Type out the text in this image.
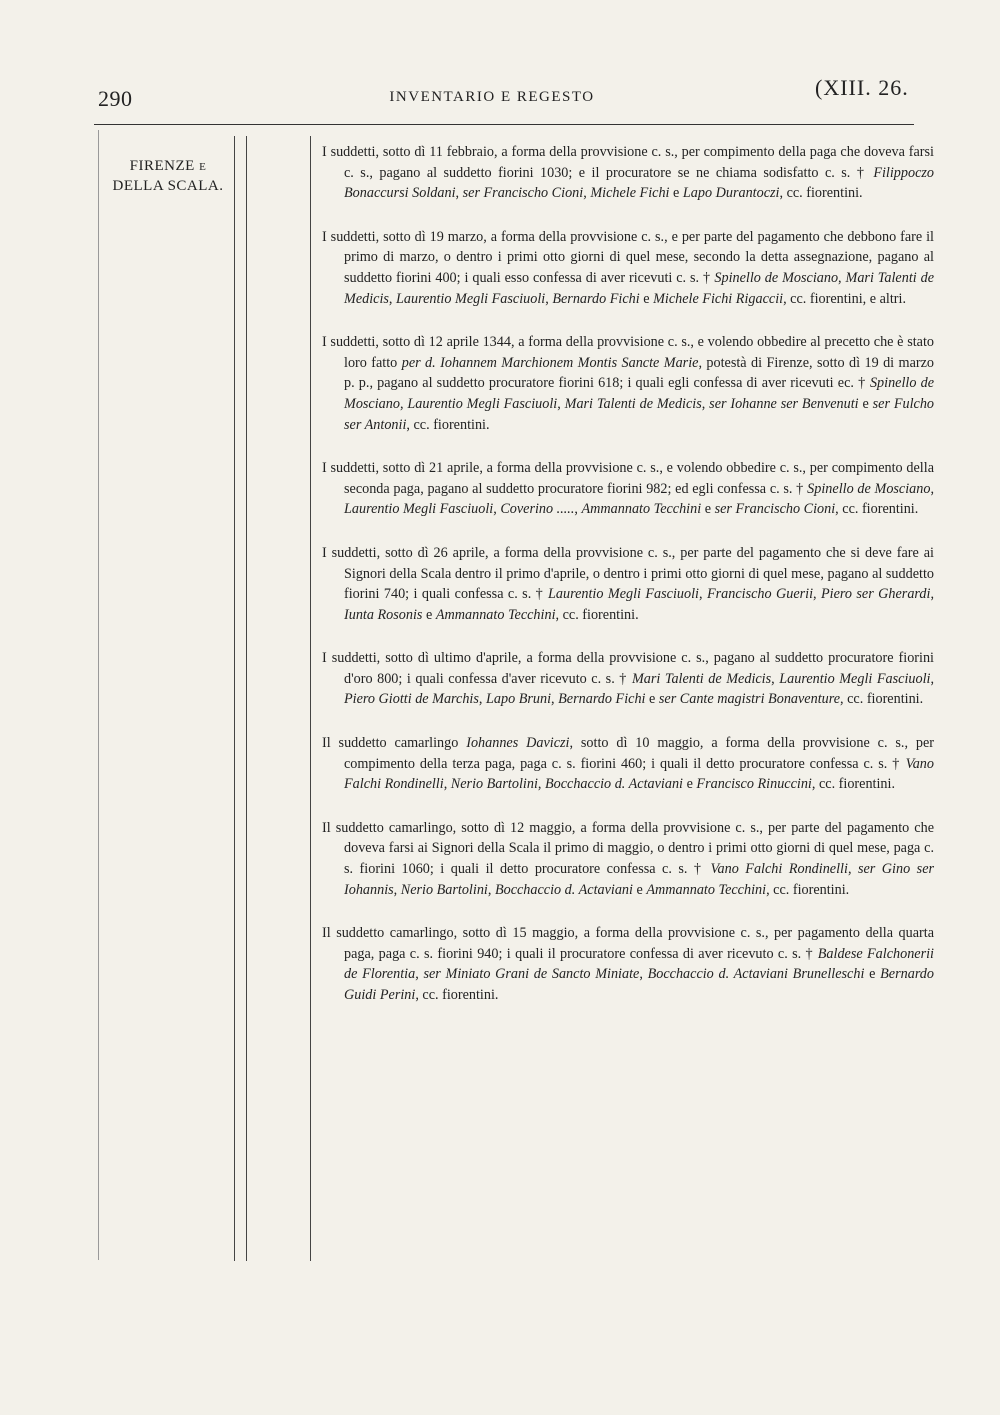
290	INVENTARIO E REGESTO	(XIII. 26.
FIRENZE E
DELLA SCALA.

I suddetti, sotto dì 11 febbraio, a forma della provvisione c. s., per compimento della paga che doveva farsi c. s., pagano al suddetto fiorini 1030; e il procuratore se ne chiama sodisfatto c. s. † Filippoczo Bonaccursi Soldani, ser Francischo Cioni, Michele Fichi e Lapo Durantoczi, cc. fiorentini.

I suddetti, sotto dì 19 marzo, a forma della provvisione c. s., e per parte del pagamento che debbono fare il primo di marzo, o dentro i primi otto giorni di quel mese, secondo la detta assegnazione, pagano al suddetto fiorini 400; i quali esso confessa di aver ricevuti c. s. † Spinello de Mosciano, Mari Talenti de Medicis, Laurentio Megli Fasciuoli, Bernardo Fichi e Michele Fichi Rigaccii, cc. fiorentini, e altri.

I suddetti, sotto dì 12 aprile 1344, a forma della provvisione c. s., e volendo obbedire al precetto che è stato loro fatto per d. Iohannem Marchionem Montis Sancte Marie, potestà di Firenze, sotto dì 19 di marzo p. p., pagano al suddetto procuratore fiorini 618; i quali egli confessa di aver ricevuti ec. † Spinello de Mosciano, Laurentio Megli Fasciuoli, Mari Talenti de Medicis, ser Iohanne ser Benvenuti e ser Fulcho ser Antonii, cc. fiorentini.

I suddetti, sotto dì 21 aprile, a forma della provvisione c. s., e volendo obbedire c. s., per compimento della seconda paga, pagano al suddetto procuratore fiorini 982; ed egli confessa c. s. † Spinello de Mosciano, Laurentio Megli Fasciuoli, Coverino ....., Ammannato Tecchini e ser Francischo Cioni, cc. fiorentini.

I suddetti, sotto dì 26 aprile, a forma della provvisione c. s., per parte del pagamento che si deve fare ai Signori della Scala dentro il primo d'aprile, o dentro i primi otto giorni di quel mese, pagano al suddetto fiorini 740; i quali confessa c. s. † Laurentio Megli Fasciuoli, Francischo Guerii, Piero ser Gherardi, Iunta Rosonis e Ammannato Tecchini, cc. fiorentini.

I suddetti, sotto dì ultimo d'aprile, a forma della provvisione c. s., pagano al suddetto procuratore fiorini d'oro 800; i quali confessa d'aver ricevuto c. s. † Mari Talenti de Medicis, Laurentio Megli Fasciuoli, Piero Giotti de Marchis, Lapo Bruni, Bernardo Fichi e ser Cante magistri Bonaventure, cc. fiorentini.

Il suddetto camarlingo Iohannes Daviczi, sotto dì 10 maggio, a forma della provvisione c. s., per compimento della terza paga, paga c. s. fiorini 460; i quali il detto procuratore confessa c. s. † Vano Falchi Rondinelli, Nerio Bartolini, Bocchaccio d. Actaviani e Francisco Rinuccini, cc. fiorentini.

Il suddetto camarlingo, sotto dì 12 maggio, a forma della provvisione c. s., per parte del pagamento che doveva farsi ai Signori della Scala il primo di maggio, o dentro i primi otto giorni di quel mese, paga c. s. fiorini 1060; i quali il detto procuratore confessa c. s. † Vano Falchi Rondinelli, ser Gino ser Iohannis, Nerio Bartolini, Bocchaccio d. Actaviani e Ammannato Tecchini, cc. fiorentini.

Il suddetto camarlingo, sotto dì 15 maggio, a forma della provvisione c. s., per pagamento della quarta paga, paga c. s. fiorini 940; i quali il procuratore confessa di aver ricevuto c. s. † Baldese Falchonerii de Florentia, ser Miniato Grani de Sancto Miniate, Bocchaccio d. Actaviani Brunelleschi e Bernardo Guidi Perini, cc. fiorentini.
